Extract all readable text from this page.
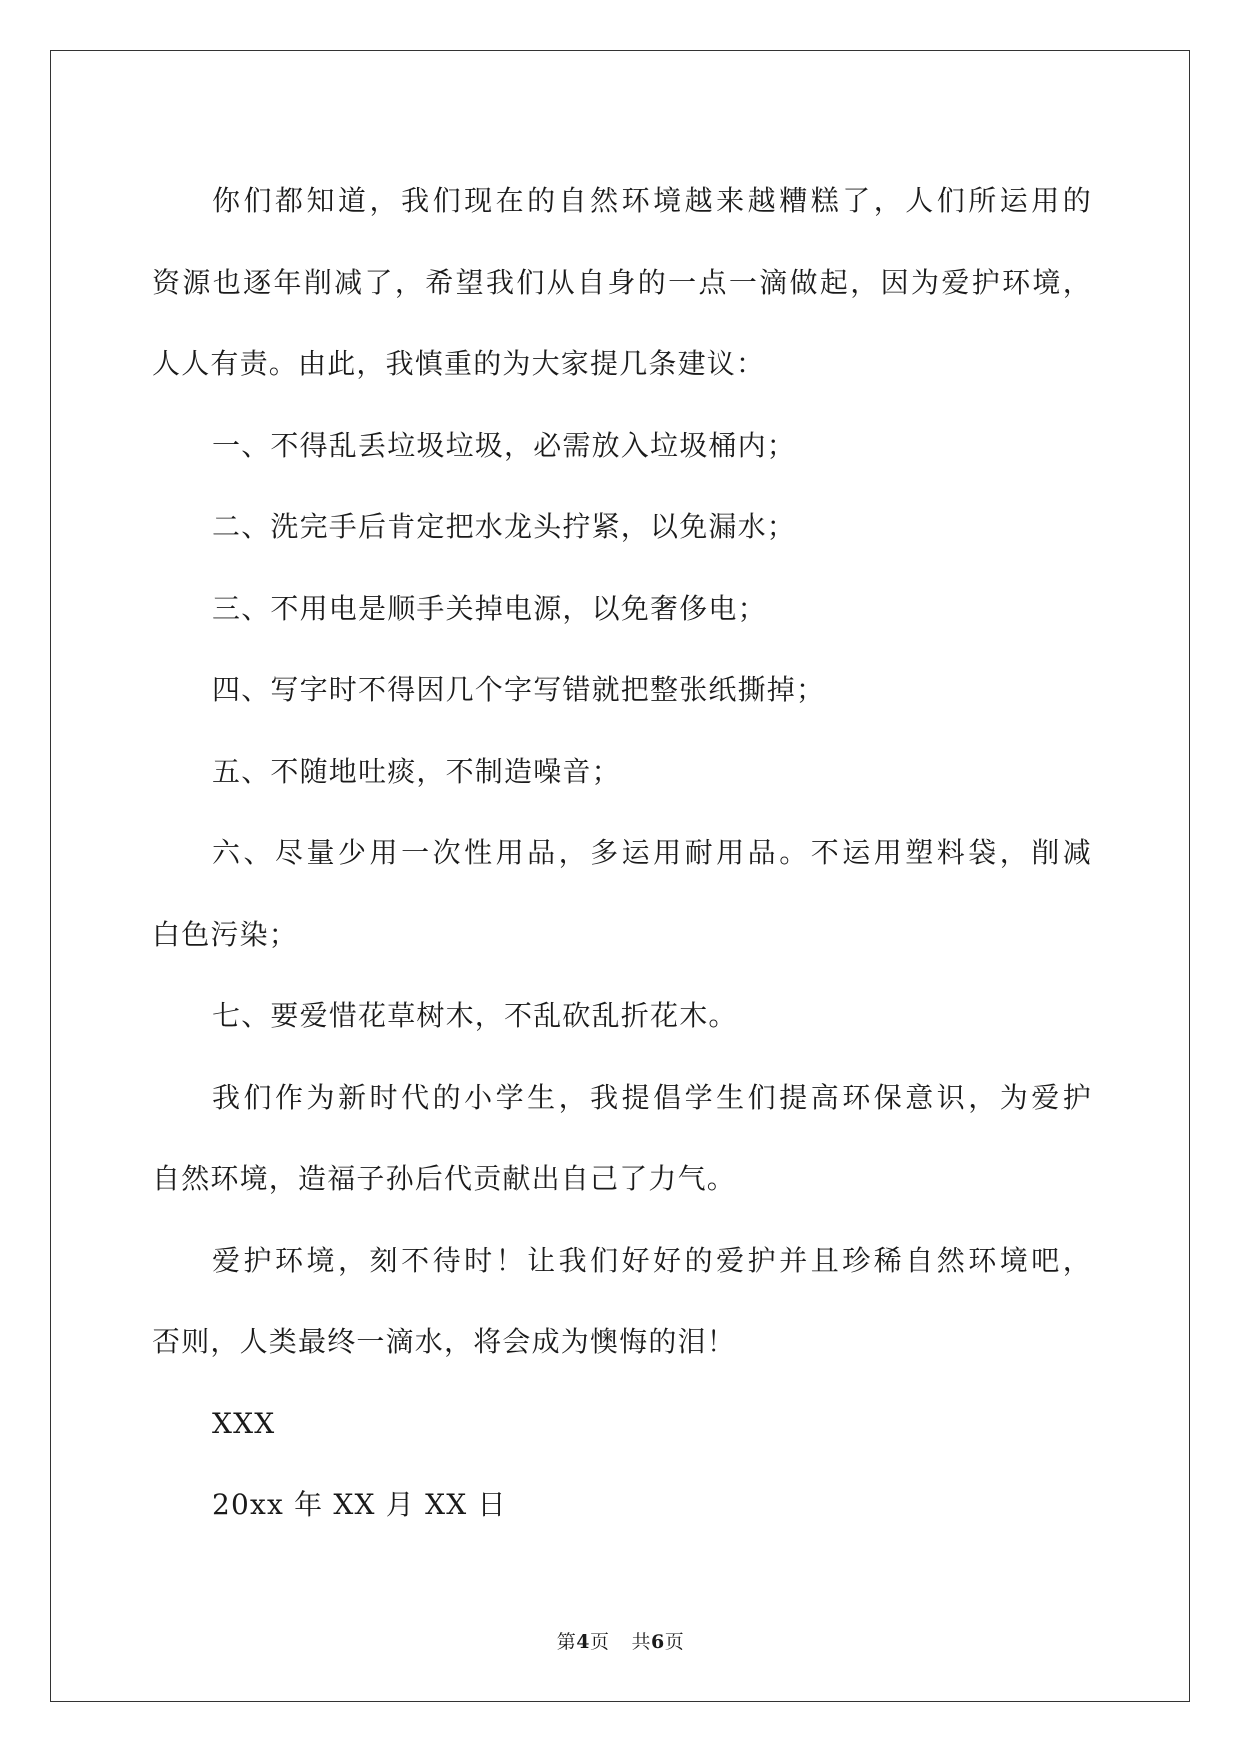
你们都知道，我们现在的自然环境越来越糟糕了，人们所运用的
资源也逐年削减了，希望我们从自身的一点一滴做起，因为爱护环境，
人人有责。由此，我慎重的为大家提几条建议：
一、不得乱丢垃圾垃圾，必需放入垃圾桶内；
二、洗完手后肯定把水龙头拧紧，以免漏水；
三、不用电是顺手关掉电源，以免奢侈电；
四、写字时不得因几个字写错就把整张纸撕掉；
五、不随地吐痰，不制造噪音；
六、尽量少用一次性用品，多运用耐用品。不运用塑料袋，削减
白色污染；
七、要爱惜花草树木，不乱砍乱折花木。
我们作为新时代的小学生，我提倡学生们提高环保意识，为爱护
自然环境，造福子孙后代贡献出自己了力气。
爱护环境，刻不待时！让我们好好的爱护并且珍稀自然环境吧，
否则，人类最终一滴水，将会成为懊悔的泪！
XXX
20xx 年 XX 月 XX 日
第4页 共6页
